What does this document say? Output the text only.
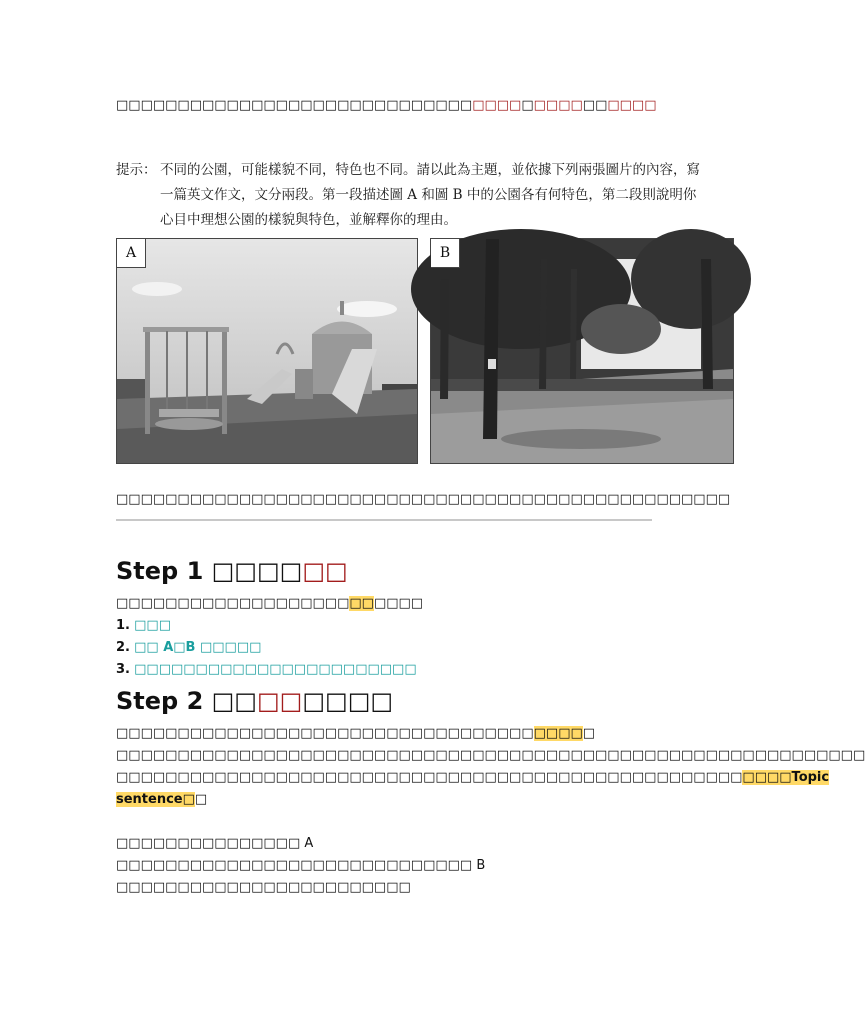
□□□□□□□□□□□□□□□□□□□□□□□□□□□□□□□□□□□□□□□□□□□□
提示： 不同的公園，可能樣貌不同，特色也不同。請以此為主題，並依據下列兩張圖片的內容，寫
一篇英文作文，文分兩段。第一段描述圖 A 和圖 B 中的公園各有何特色，第二段則說明你
心目中理想公園的樣貌與特色，並解釋你的理由。
A	B
□□□□□□□□□□□□□□□□□□□□□□□□□□□□□□□□□□□□□□□□□□□□□□□□□□
Step 1 □□□□□□
□□□□□□□□□□□□□□□□□□□□□□□□□
1. □□□
2. □□ A□B □□□□□
3. □□□□□□□□□□□□□□□□□□□□□□□
Step 2 □□□□□□□□
□□□□□□□□□□□□□□□□□□□□□□□□□□□□□□□□□□□□□□□
□□□□□□□□□□□□□□□□□□□□□□□□□□□□□□□□□□□□□□□□□□□□□□□□□□□□□□□□□□□□□
□□□□□□□□□□□□□□□□□□□□□□□□□□□□□□□□□□□□□□□□□□□□□□□□□□□□□□□Topic sentence□□
□□□□□□□□□□□□□□□ A □□□□□□□□□□□□□□□□□□□□□□□□□□□□□ B □□□□□□□□□□□□□□□□□□□□□□□□
